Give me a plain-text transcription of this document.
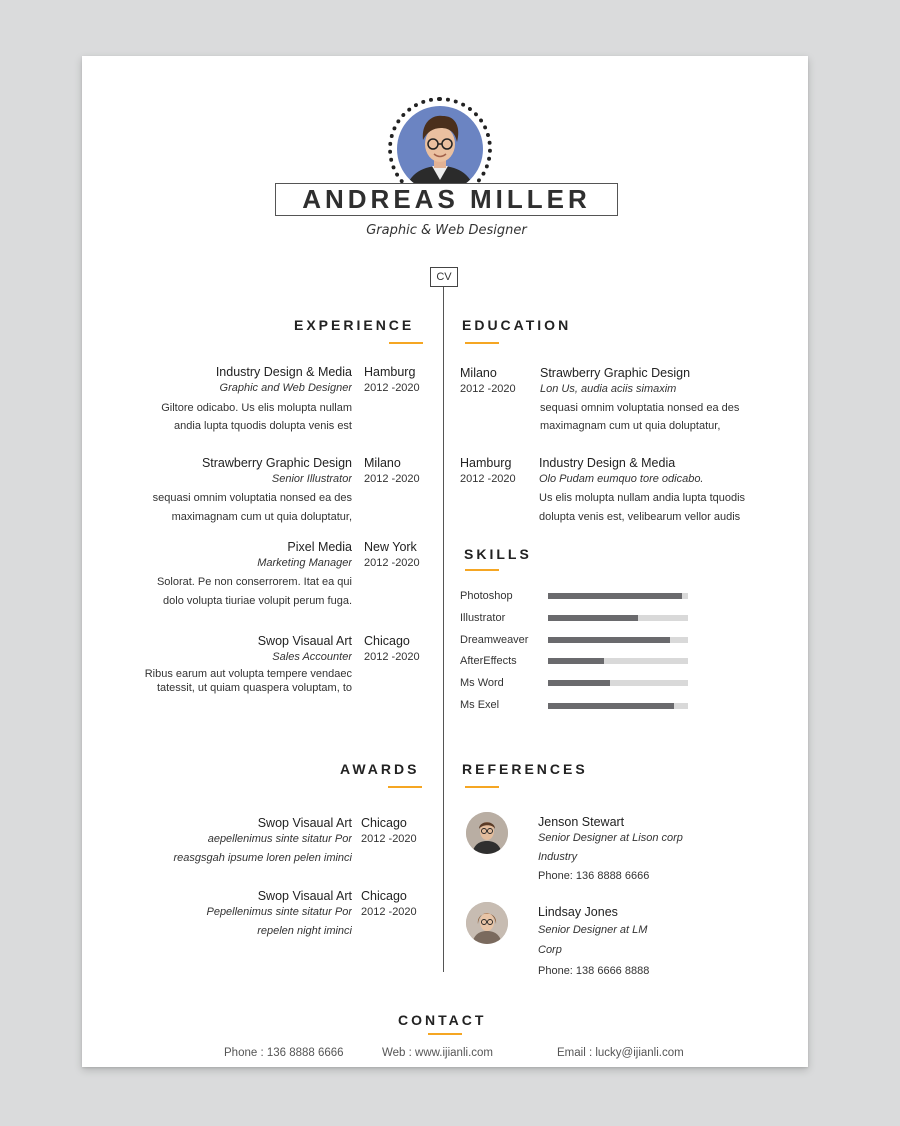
ANDREAS MILLER
Graphic & Web Designer
CV
EXPERIENCE
Industry Design & Media
Graphic and Web Designer
Hamburg
2012 -2020
Giltore odicabo. Us elis molupta nullam
andia lupta tquodis dolupta venis est
Strawberry Graphic Design
Senior Illustrator
Milano
2012 -2020
sequasi omnim voluptatia nonsed ea des
maximagnam cum ut quia doluptatur,
Pixel Media
Marketing Manager
New York
2012 -2020
Solorat. Pe non conserrorem. Itat ea qui
dolo volupta tiuriae volupit perum fuga.
Swop Visaual Art
Sales Accounter
Chicago
2012 -2020
Ribus earum aut volupta tempere vendaec
tatessit, ut quiam quaspera voluptam, to
EDUCATION
Milano
2012 -2020
Strawberry Graphic Design
Lon Us, audia aciis simaxim
sequasi omnim voluptatia nonsed ea des
maximagnam cum ut quia doluptatur,
Hamburg
2012 -2020
Industry Design & Media
Olo Pudam eumquo tore odicabo.
Us elis molupta nullam andia lupta tquodis
dolupta venis est, velibearum vellor audis
SKILLS
Photoshop
Illustrator
Dreamweaver
AfterEffects
Ms Word
Ms Exel
AWARDS
Swop Visaual Art Chicago
aepellenimus sinte sitatur Por 2012 -2020
reasgsgah ipsume loren pelen iminci
Swop Visaual Art Chicago
Pepellenimus sinte sitatur Por 2012 -2020
repelen night iminci
REFERENCES
Jenson Stewart
Senior Designer at Lison corp
Industry
Phone: 136 8888 6666
Lindsay Jones
Senior Designer at LM
Corp
Phone: 138 6666 8888
CONTACT
Phone : 136 8888 6666	Web : www.ijianli.com	Email : lucky@ijianli.com
